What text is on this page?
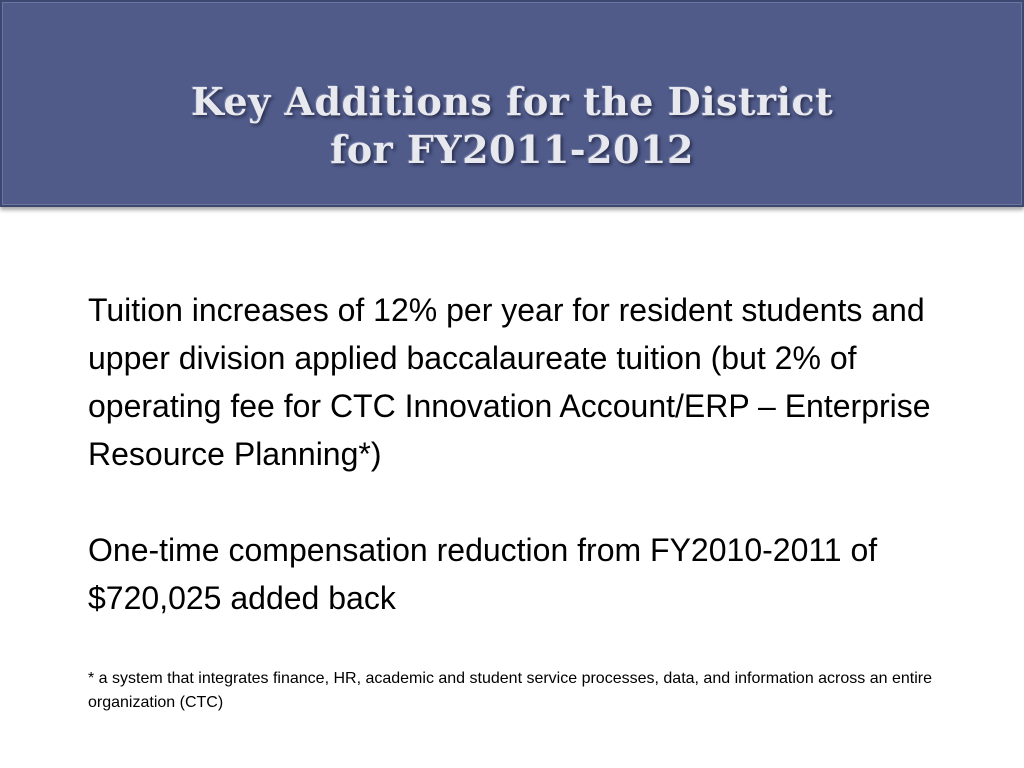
Key Additions for the District
for FY2011-2012
Tuition increases of 12% per year for resident students and upper division applied baccalaureate tuition (but 2% of operating fee for CTC Innovation Account/ERP – Enterprise Resource Planning*)
One-time compensation reduction from FY2010-2011 of $720,025 added back
* a system that integrates finance, HR, academic and student service processes, data, and information across an entire organization (CTC)
